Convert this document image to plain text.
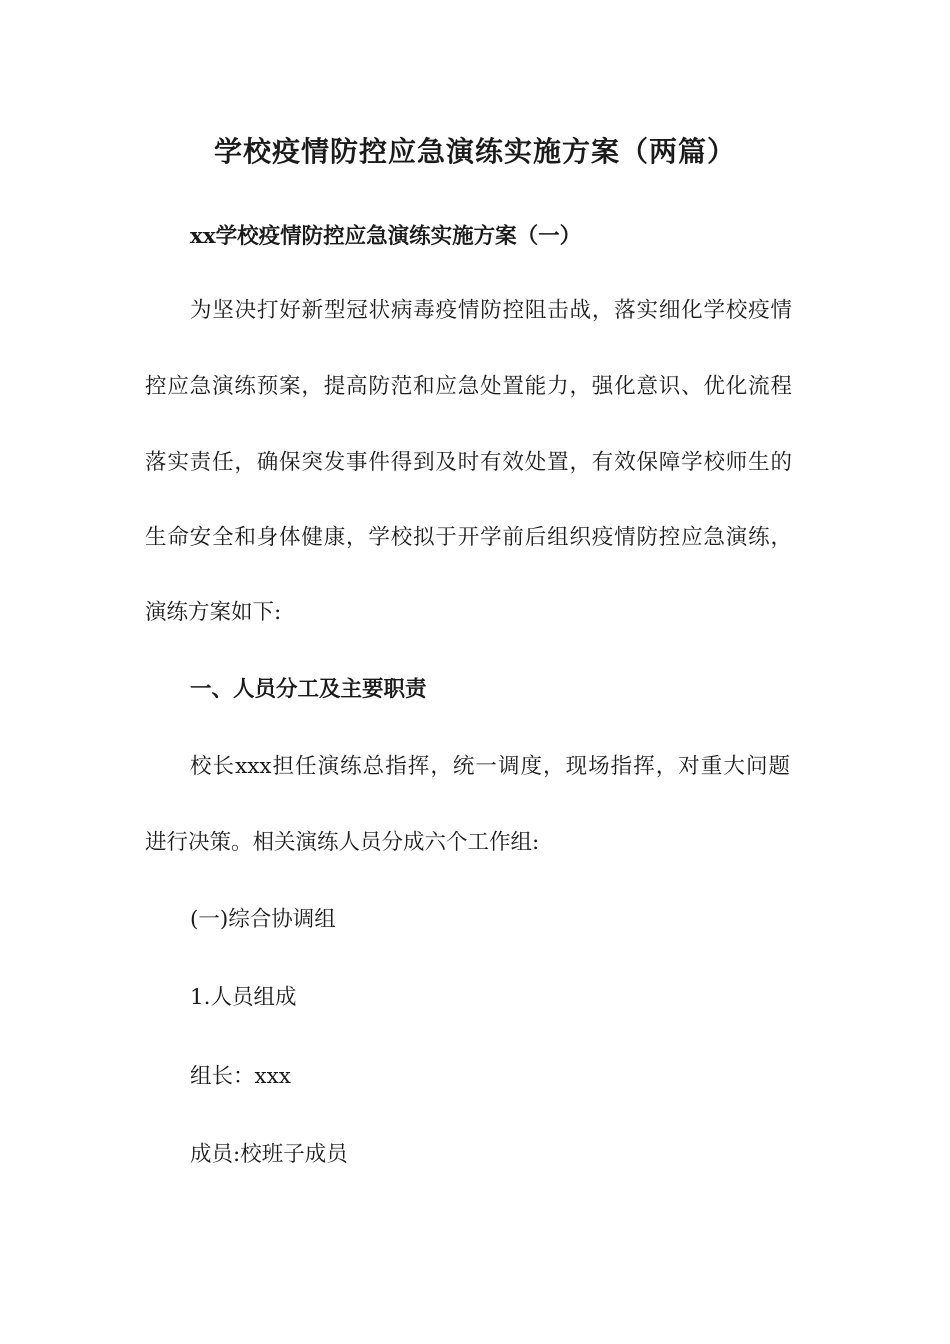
学校疫情防控应急演练实施方案（两篇）
xx学校疫情防控应急演练实施方案（一）
为坚决打好新型冠状病毒疫情防控阻击战，落实细化学校疫情
控应急演练预案，提高防范和应急处置能力，强化意识、优化流程
落实责任，确保突发事件得到及时有效处置，有效保障学校师生的
生命安全和身体健康，学校拟于开学前后组织疫情防控应急演练，
演练方案如下:
一、人员分工及主要职责
校长xxx担任演练总指挥，统一调度，现场指挥，对重大问题
进行决策。相关演练人员分成六个工作组:
(一)综合协调组
1.人员组成
组长：xxx
成员:校班子成员
